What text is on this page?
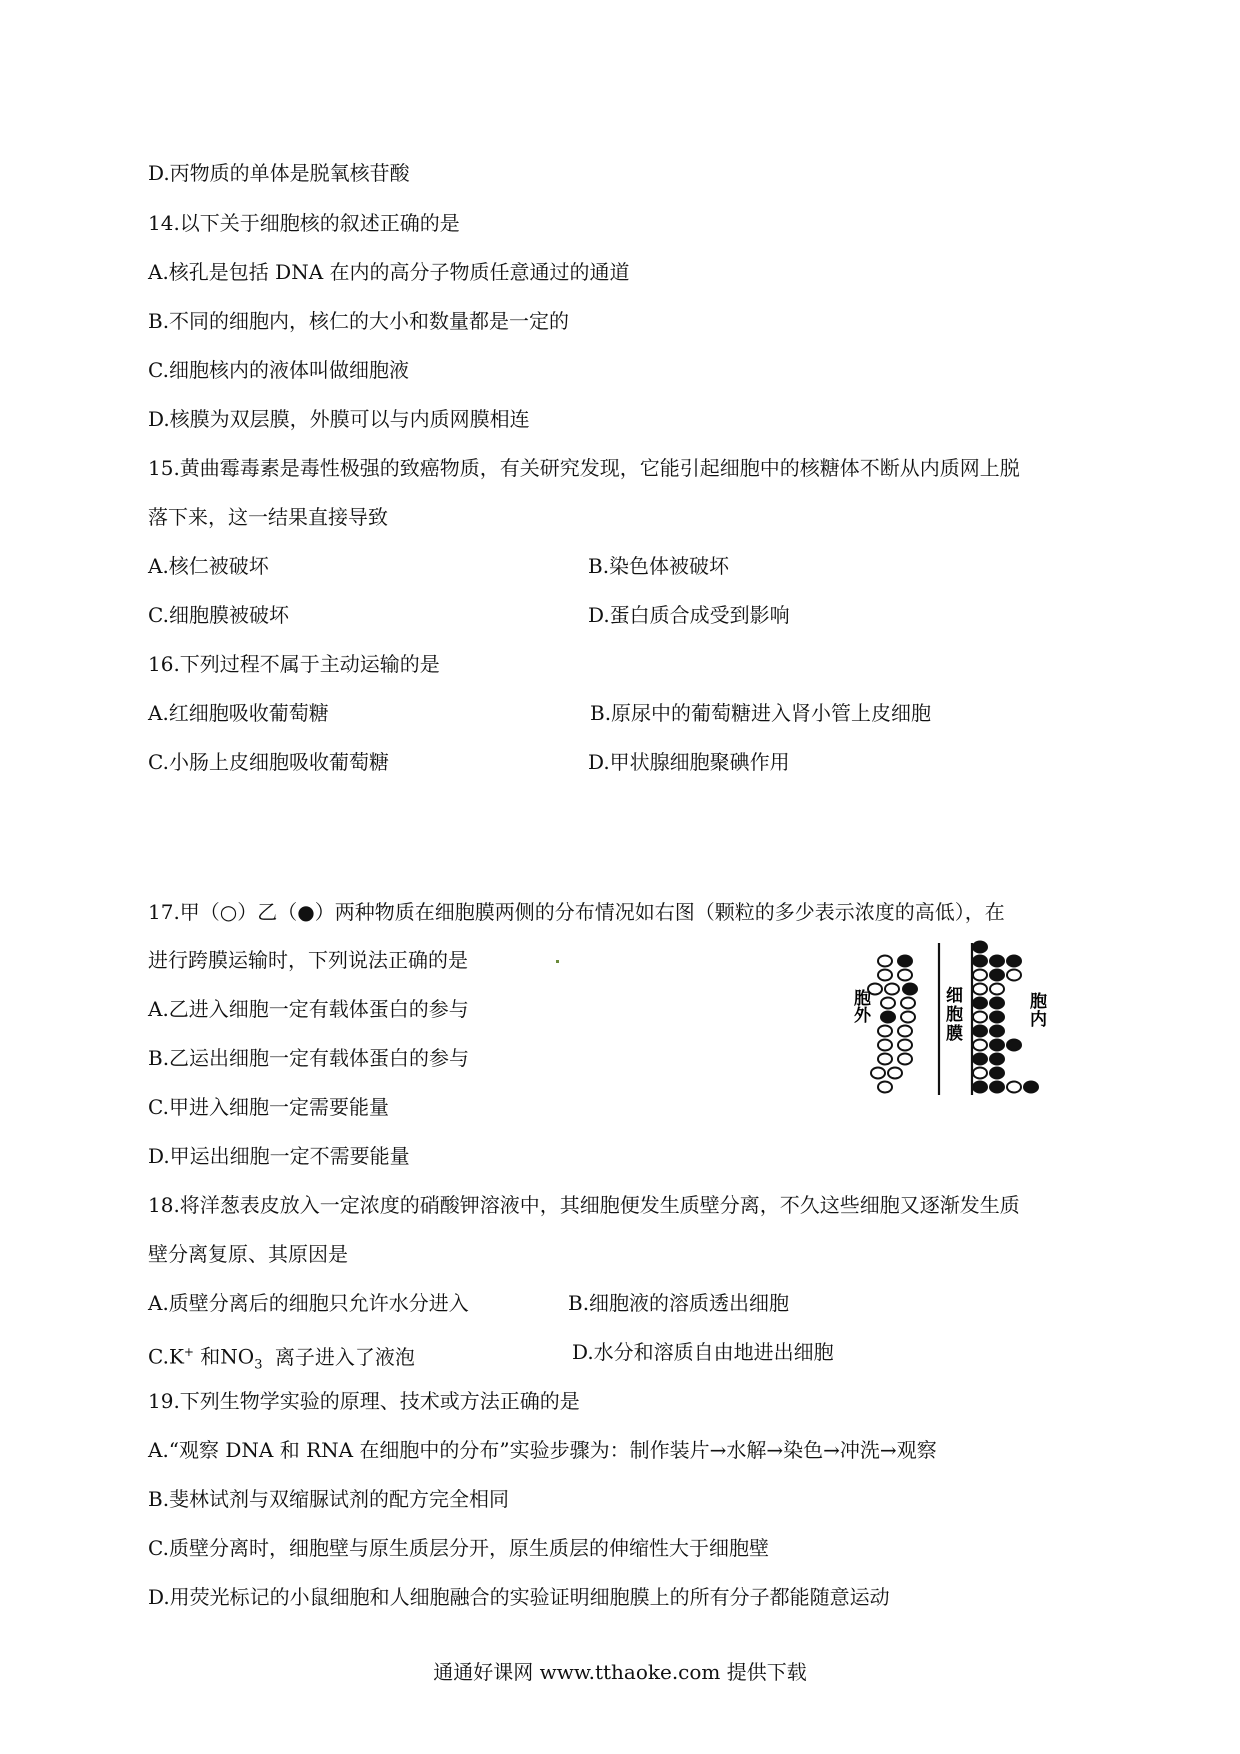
D.丙物质的单体是脱氧核苷酸
14.以下关于细胞核的叙述正确的是
A.核孔是包括 DNA 在内的高分子物质任意通过的通道
B.不同的细胞内，核仁的大小和数量都是一定的
C.细胞核内的液体叫做细胞液
D.核膜为双层膜，外膜可以与内质网膜相连
15.黄曲霉毒素是毒性极强的致癌物质，有关研究发现，它能引起细胞中的核糖体不断从内质网上脱
落下来，这一结果直接导致
A.核仁被破坏	B.染色体被破坏
C.细胞膜被破坏	D.蛋白质合成受到影响
16.下列过程不属于主动运输的是
A.红细胞吸收葡萄糖	B.原尿中的葡萄糖进入肾小管上皮细胞
C.小肠上皮细胞吸收葡萄糖	D.甲状腺细胞聚碘作用
17.甲（○）乙（●）两种物质在细胞膜两侧的分布情况如右图（颗粒的多少表示浓度的高低），在
进行跨膜运输时，下列说法正确的是
A.乙进入细胞一定有载体蛋白的参与
B.乙运出细胞一定有载体蛋白的参与
C.甲进入细胞一定需要能量
D.甲运出细胞一定不需要能量
胞
外
细
胞
膜
胞
内
18.将洋葱表皮放入一定浓度的硝酸钾溶液中，其细胞便发生质壁分离，不久这些细胞又逐渐发生质
壁分离复原、其原因是
A.质壁分离后的细胞只允许水分进入	B.细胞液的溶质透出细胞
C.K+ 和$NO_3$ 离子进入了液泡	D.水分和溶质自由地进出细胞
19.下列生物学实验的原理、技术或方法正确的是
A.“观察 DNA 和 RNA 在细胞中的分布”实验步骤为：制作装片→水解→染色→冲洗→观察
B.斐林试剂与双缩脲试剂的配方完全相同
C.质壁分离时，细胞壁与原生质层分开，原生质层的伸缩性大于细胞壁
D.用荧光标记的小鼠细胞和人细胞融合的实验证明细胞膜上的所有分子都能随意运动
通通好课网 www.tthaoke.com 提供下载
